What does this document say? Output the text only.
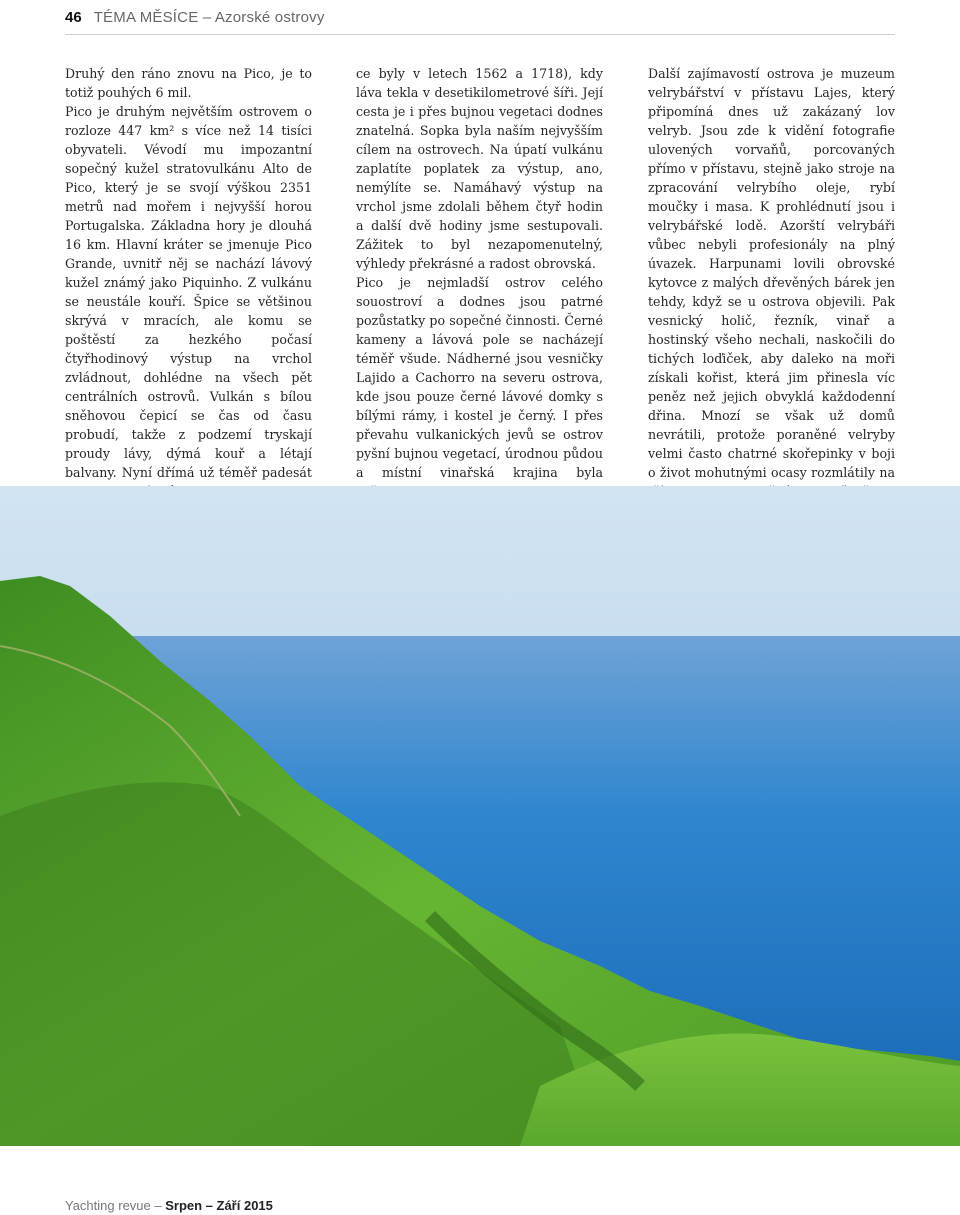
46 TÉMA MĚSÍCE – Azorské ostrovy

Druhý den ráno znovu na Pico, je to totiž pouhých 6 mil.

Pico je druhým největším ostrovem o rozloze 447 km² s více než 14 tisíci obyvateli. Vévodí mu impozantní sopečný kužel stratovulkánu Alto de Pico, který je se svojí výškou 2351 metrů nad mořem i nejvyšší horou Portugalska. Základna hory je dlouhá 16 km. Hlavní kráter se jmenuje Pico Grande, uvnitř něj se nachází lávový kužel známý jako Piquinho. Z vulkánu se neustále kouří. Špice se většinou skrývá v mracích, ale komu se poštěstí za hezkého počasí čtyřhodinový výstup na vrchol zvládnout, dohlédne na všech pět centrálních ostrovů. Vulkán s bílou sněhovou čepicí se čas od času probudí, takže z podzemí tryskají proudy lávy, dýmá kouř a létají balvany. Nyní dřímá už téměř padesát

ce byly v letech 1562 a 1718), kdy láva tekla v desetikilometrové šíři. Její cesta je i přes bujnou vegetaci dodnes znatelná. Sopka byla naším nejvyšším cílem na ostrovech. Na úpatí vulkánu zaplatíte poplatek za výstup, ano, nemýlíte se. Namáhavý výstup na vrchol jsme zdolali během čtyř hodin a další dvě hodiny jsme sestupovali. Zážitek to byl nezapomenutelný, výhledy překrásné a radost obrovská.

Pico je nejmladší ostrov celého souostroví a dodnes jsou patrné pozůstatky po sopečné činnosti. Černé kameny a lávová pole se nacházejí téměř všude. Nádherné jsou vesničky Lajido a Cachorro na severu ostrova, kde jsou pouze černé lávové domky s bílými rámy, i kostel je černý. I přes převahu vulkanických jevů se ostrov pyšní bujnou vegetací, úrodnou půdou a místní vinařská krajina byla

Další zajímavostí ostrova je muzeum velrybářství v přístavu Lajes, který připomíná dnes už zakázaný lov velryb. Jsou zde k vidění fotografie ulovených vorvaňů, porcovaných přímo v přístavu, stejně jako stroje na zpracování velrybího oleje, rybí moučky i masa. K prohlédnutí jsou i velrybářské lodě. Azorští velrybáři vůbec nebyli profesionály na plný úvazek. Harpunami lovili obrovské kytovce z malých dřevěných bárek jen tehdy, když se u ostrova objevili. Pak vesnický holič, řezník, vinař a hostinský všeho nechali, naskočili do tichých loďiček, aby daleko na moři získali kořist, která jim přinesla víc peněz než jejich obvyklá každodenní dřina. Mnozí se však už domů nevrátili, protože poraněné velryby velmi často chatrné skořepinky v boji o život mohutnými ocasy rozmlátily na

Yachting revue – Srpen – Září 2015
